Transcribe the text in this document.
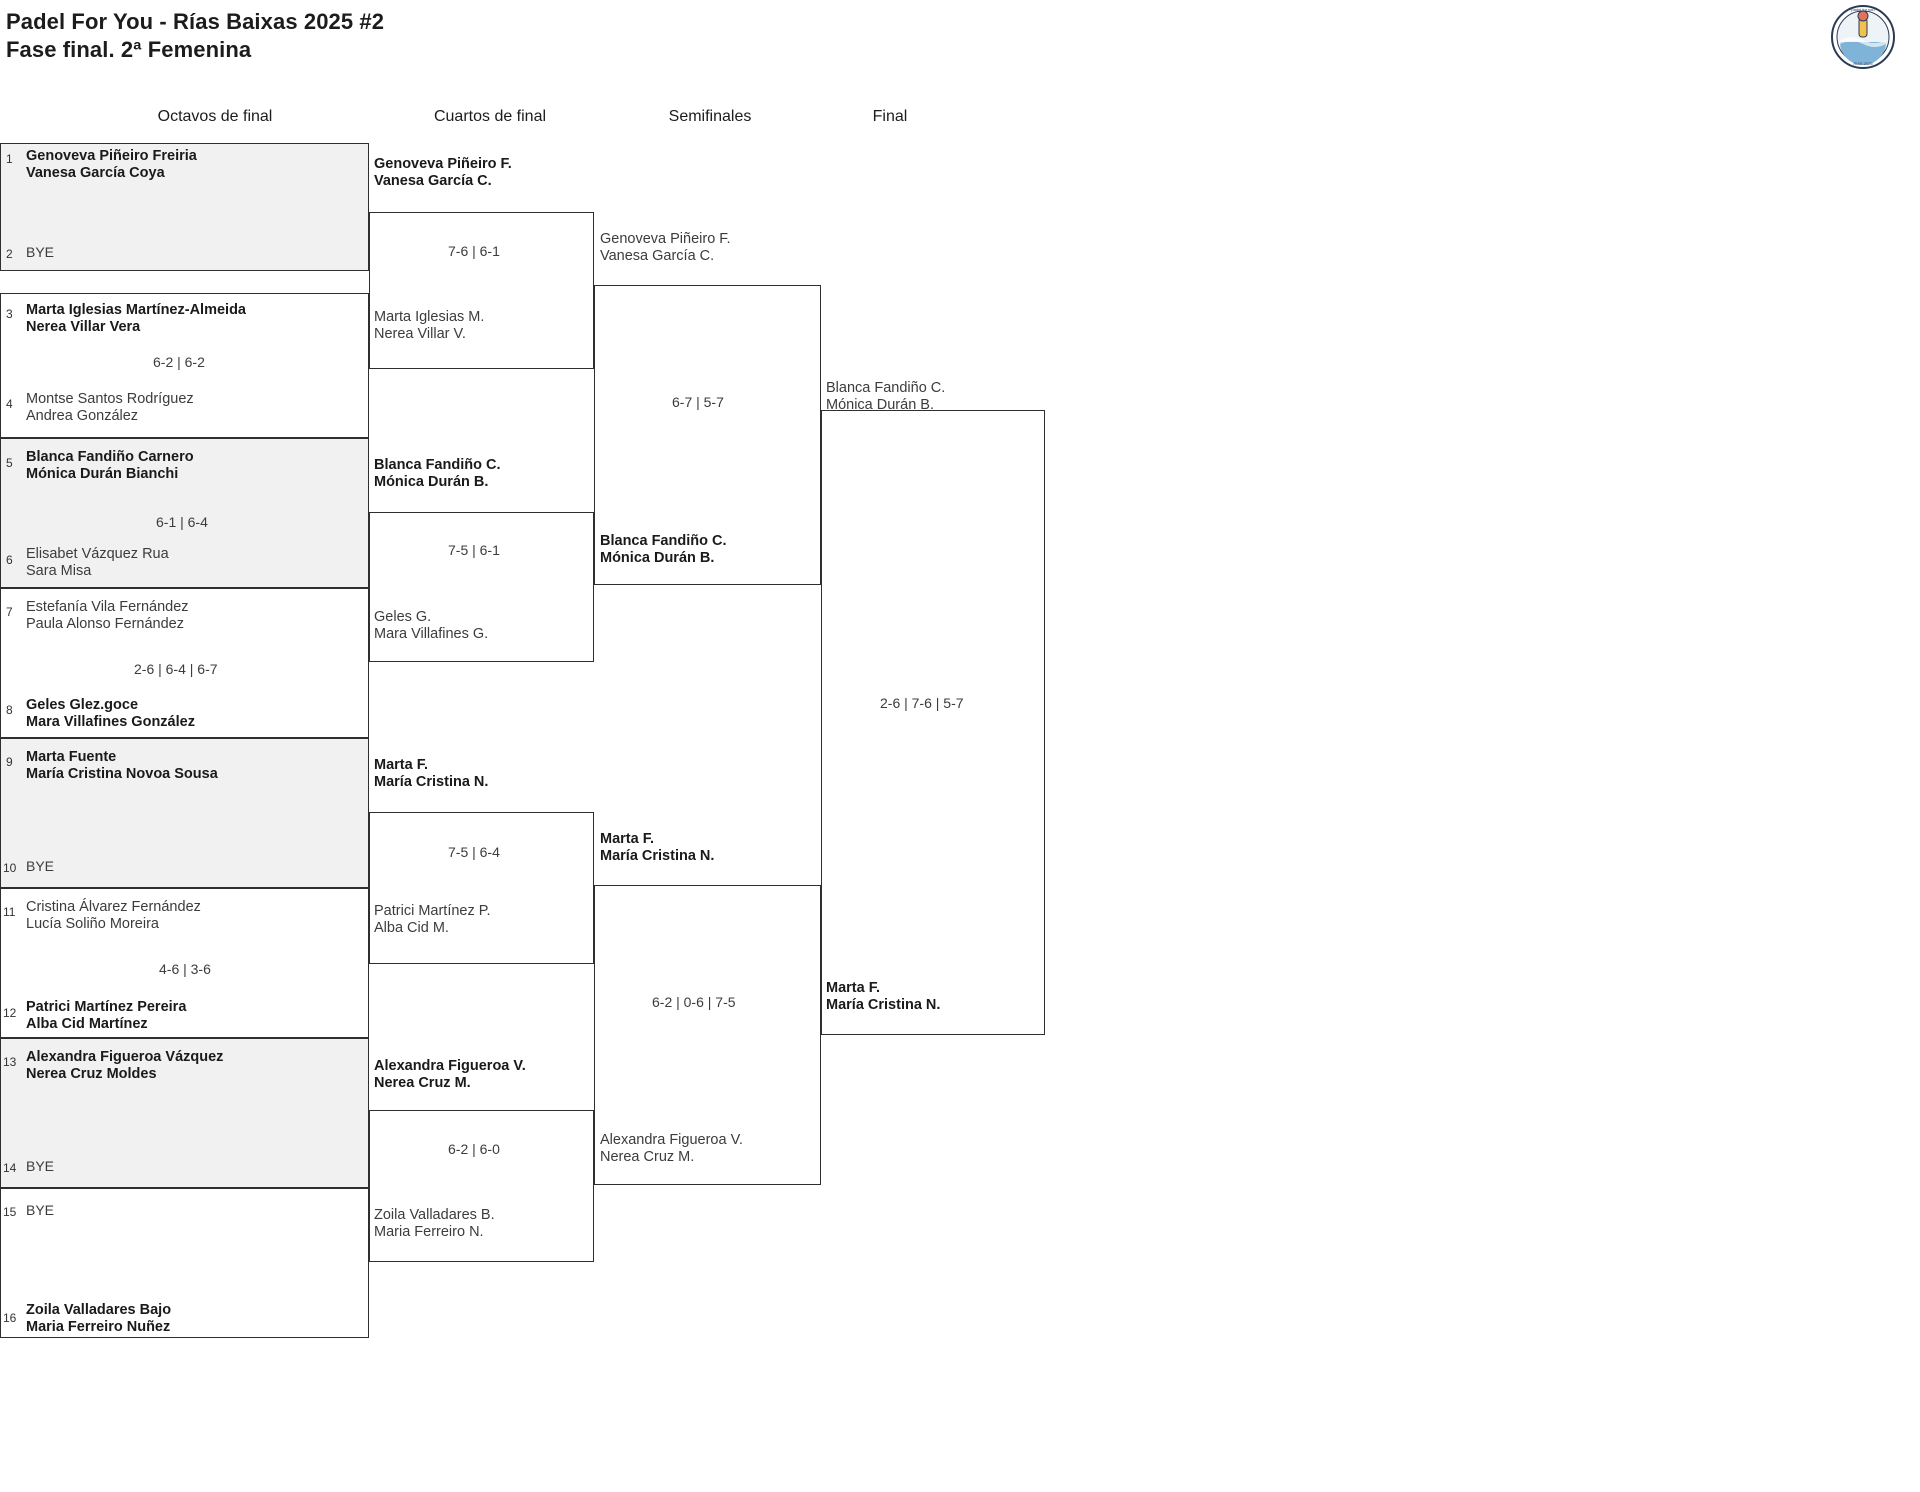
Padel For You - Rías Baixas 2025 #2
Fase final. 2ª Femenina
padel for you
RIAS 2025
Octavos de final	Cuartos de final	Semifinales	Final
1 Genoveva Piñeiro Freiria
Vanesa García Coya
2 BYE
3 Marta Iglesias Martínez-Almeida
Nerea Villar Vera
6-2 | 6-2
4 Montse Santos Rodríguez
Andrea González
5 Blanca Fandiño Carnero
Mónica Durán Bianchi
6-1 | 6-4
6 Elisabet Vázquez Rua
Sara Misa
7 Estefanía Vila Fernández
Paula Alonso Fernández
2-6 | 6-4 | 6-7
8 Geles Glez.goce
Mara Villafines González
9 Marta Fuente
María Cristina Novoa Sousa
10 BYE
11 Cristina Álvarez Fernández
Lucía Soliño Moreira
4-6 | 3-6
12 Patrici Martínez Pereira
Alba Cid Martínez
13 Alexandra Figueroa Vázquez
Nerea Cruz Moldes
14 BYE
15 BYE
16 Zoila Valladares Bajo
Maria Ferreiro Nuñez
Genoveva Piñeiro F.
Vanesa García C.
7-6 | 6-1
Marta Iglesias M.
Nerea Villar V.
Blanca Fandiño C.
Mónica Durán B.
7-5 | 6-1
Geles G.
Mara Villafines G.
Marta F.
María Cristina N.
7-5 | 6-4
Patrici Martínez P.
Alba Cid M.
Alexandra Figueroa V.
Nerea Cruz M.
6-2 | 6-0
Zoila Valladares B.
Maria Ferreiro N.
Genoveva Piñeiro F.
Vanesa García C.
6-7 | 5-7
Blanca Fandiño C.
Mónica Durán B.
Marta F.
María Cristina N.
6-2 | 0-6 | 7-5
Alexandra Figueroa V.
Nerea Cruz M.
Blanca Fandiño C.
Mónica Durán B.
2-6 | 7-6 | 5-7
Marta F.
María Cristina N.
